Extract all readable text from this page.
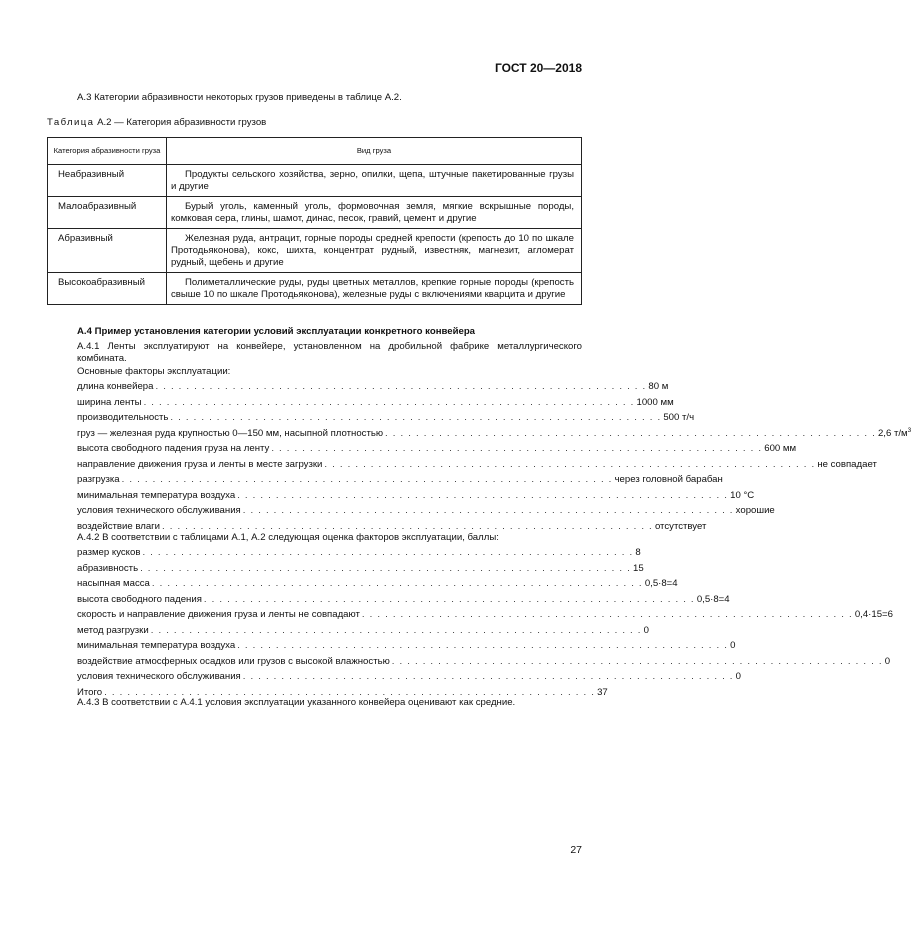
ГОСТ 20—2018
А.3 Категории абразивности некоторых грузов приведены в таблице А.2.
Таблица А.2 — Категория абразивности грузов
Категория абразивности груза	Вид груза
Неабразивный	Продукты сельского хозяйства, зерно, опилки, щепа, штучные пакетированные грузы и другие
Малоабразивный	Бурый уголь, каменный уголь, формовочная земля, мягкие вскрышные породы, комковая сера, глины, шамот, динас, песок, гравий, цемент и другие
Абразивный	Железная руда, антрацит, горные породы средней крепости (крепость до 10 по шкале Протодьяконова), кокс, шихта, концентрат рудный, известняк, магнезит, агломерат рудный, щебень и другие
Высокоабразивный	Полиметаллические руды, руды цветных металлов, крепкие горные породы (крепость свыше 10 по шкале Протодьяконова), железные руды с включениями кварцита и другие
А.4 Пример установления категории условий эксплуатации конкретного конвейера
А.4.1 Ленты эксплуатируют на конвейере, установленном на дробильной фабрике металлургического комбината.
Основные факторы эксплуатации:
длина конвейера . . . . . . . . . . . . . . . . . . . . . . . . . . . . . . . . . . . . . . . . . . . . . . . . . . . . . . . . . . . . . . . . 80 м
ширина ленты . . . . . . . . . . . . . . . . . . . . . . . . . . . . . . . . . . . . . . . . . . . . . . . . . . . . . . . . . . . . . . . . 1000 мм
производительность . . . . . . . . . . . . . . . . . . . . . . . . . . . . . . . . . . . . . . . . . . . . . . . . . . . . . . . . . . . . . . . . 500 т/ч
груз — железная руда крупностью 0—150 мм, насыпной плотностью . . . . . . . . . . . . . . . . . . . . . . . . . . . . . . . . . . . . . . . . . . . . . . . . . . . . . . . . . . . . . . . . 2,6 $т/м^3$
высота свободного падения груза на ленту . . . . . . . . . . . . . . . . . . . . . . . . . . . . . . . . . . . . . . . . . . . . . . . . . . . . . . . . . . . . . . . . 600 мм
направление движения груза и ленты в месте загрузки . . . . . . . . . . . . . . . . . . . . . . . . . . . . . . . . . . . . . . . . . . . . . . . . . . . . . . . . . . . . . . . . не совпадает
разгрузка . . . . . . . . . . . . . . . . . . . . . . . . . . . . . . . . . . . . . . . . . . . . . . . . . . . . . . . . . . . . . . . . через головной барабан
минимальная температура воздуха . . . . . . . . . . . . . . . . . . . . . . . . . . . . . . . . . . . . . . . . . . . . . . . . . . . . . . . . . . . . . . . . 10 °С
условия технического обслуживания . . . . . . . . . . . . . . . . . . . . . . . . . . . . . . . . . . . . . . . . . . . . . . . . . . . . . . . . . . . . . . . . хорошие
воздействие влаги . . . . . . . . . . . . . . . . . . . . . . . . . . . . . . . . . . . . . . . . . . . . . . . . . . . . . . . . . . . . . . . . отсутствует
А.4.2 В соответствии с таблицами А.1, А.2 следующая оценка факторов эксплуатации, баллы:
размер кусков . . . . . . . . . . . . . . . . . . . . . . . . . . . . . . . . . . . . . . . . . . . . . . . . . . . . . . . . . . . . . . . . 8
абразивность . . . . . . . . . . . . . . . . . . . . . . . . . . . . . . . . . . . . . . . . . . . . . . . . . . . . . . . . . . . . . . . . 15
насыпная масса . . . . . . . . . . . . . . . . . . . . . . . . . . . . . . . . . . . . . . . . . . . . . . . . . . . . . . . . . . . . . . . . 0,5·8=4
высота свободного падения . . . . . . . . . . . . . . . . . . . . . . . . . . . . . . . . . . . . . . . . . . . . . . . . . . . . . . . . . . . . . . . . 0,5·8=4
скорость и направление движения груза и ленты не совпадают . . . . . . . . . . . . . . . . . . . . . . . . . . . . . . . . . . . . . . . . . . . . . . . . . . . . . . . . . . . . . . . . 0,4·15=6
метод разгрузки . . . . . . . . . . . . . . . . . . . . . . . . . . . . . . . . . . . . . . . . . . . . . . . . . . . . . . . . . . . . . . . . 0
минимальная температура воздуха . . . . . . . . . . . . . . . . . . . . . . . . . . . . . . . . . . . . . . . . . . . . . . . . . . . . . . . . . . . . . . . . 0
воздействие атмосферных осадков или грузов с высокой влажностью . . . . . . . . . . . . . . . . . . . . . . . . . . . . . . . . . . . . . . . . . . . . . . . . . . . . . . . . . . . . . . . . 0
условия технического обслуживания . . . . . . . . . . . . . . . . . . . . . . . . . . . . . . . . . . . . . . . . . . . . . . . . . . . . . . . . . . . . . . . . 0
Итого . . . . . . . . . . . . . . . . . . . . . . . . . . . . . . . . . . . . . . . . . . . . . . . . . . . . . . . . . . . . . . . . 37
А.4.3 В соответствии с А.4.1 условия эксплуатации указанного конвейера оценивают как средние.
27
